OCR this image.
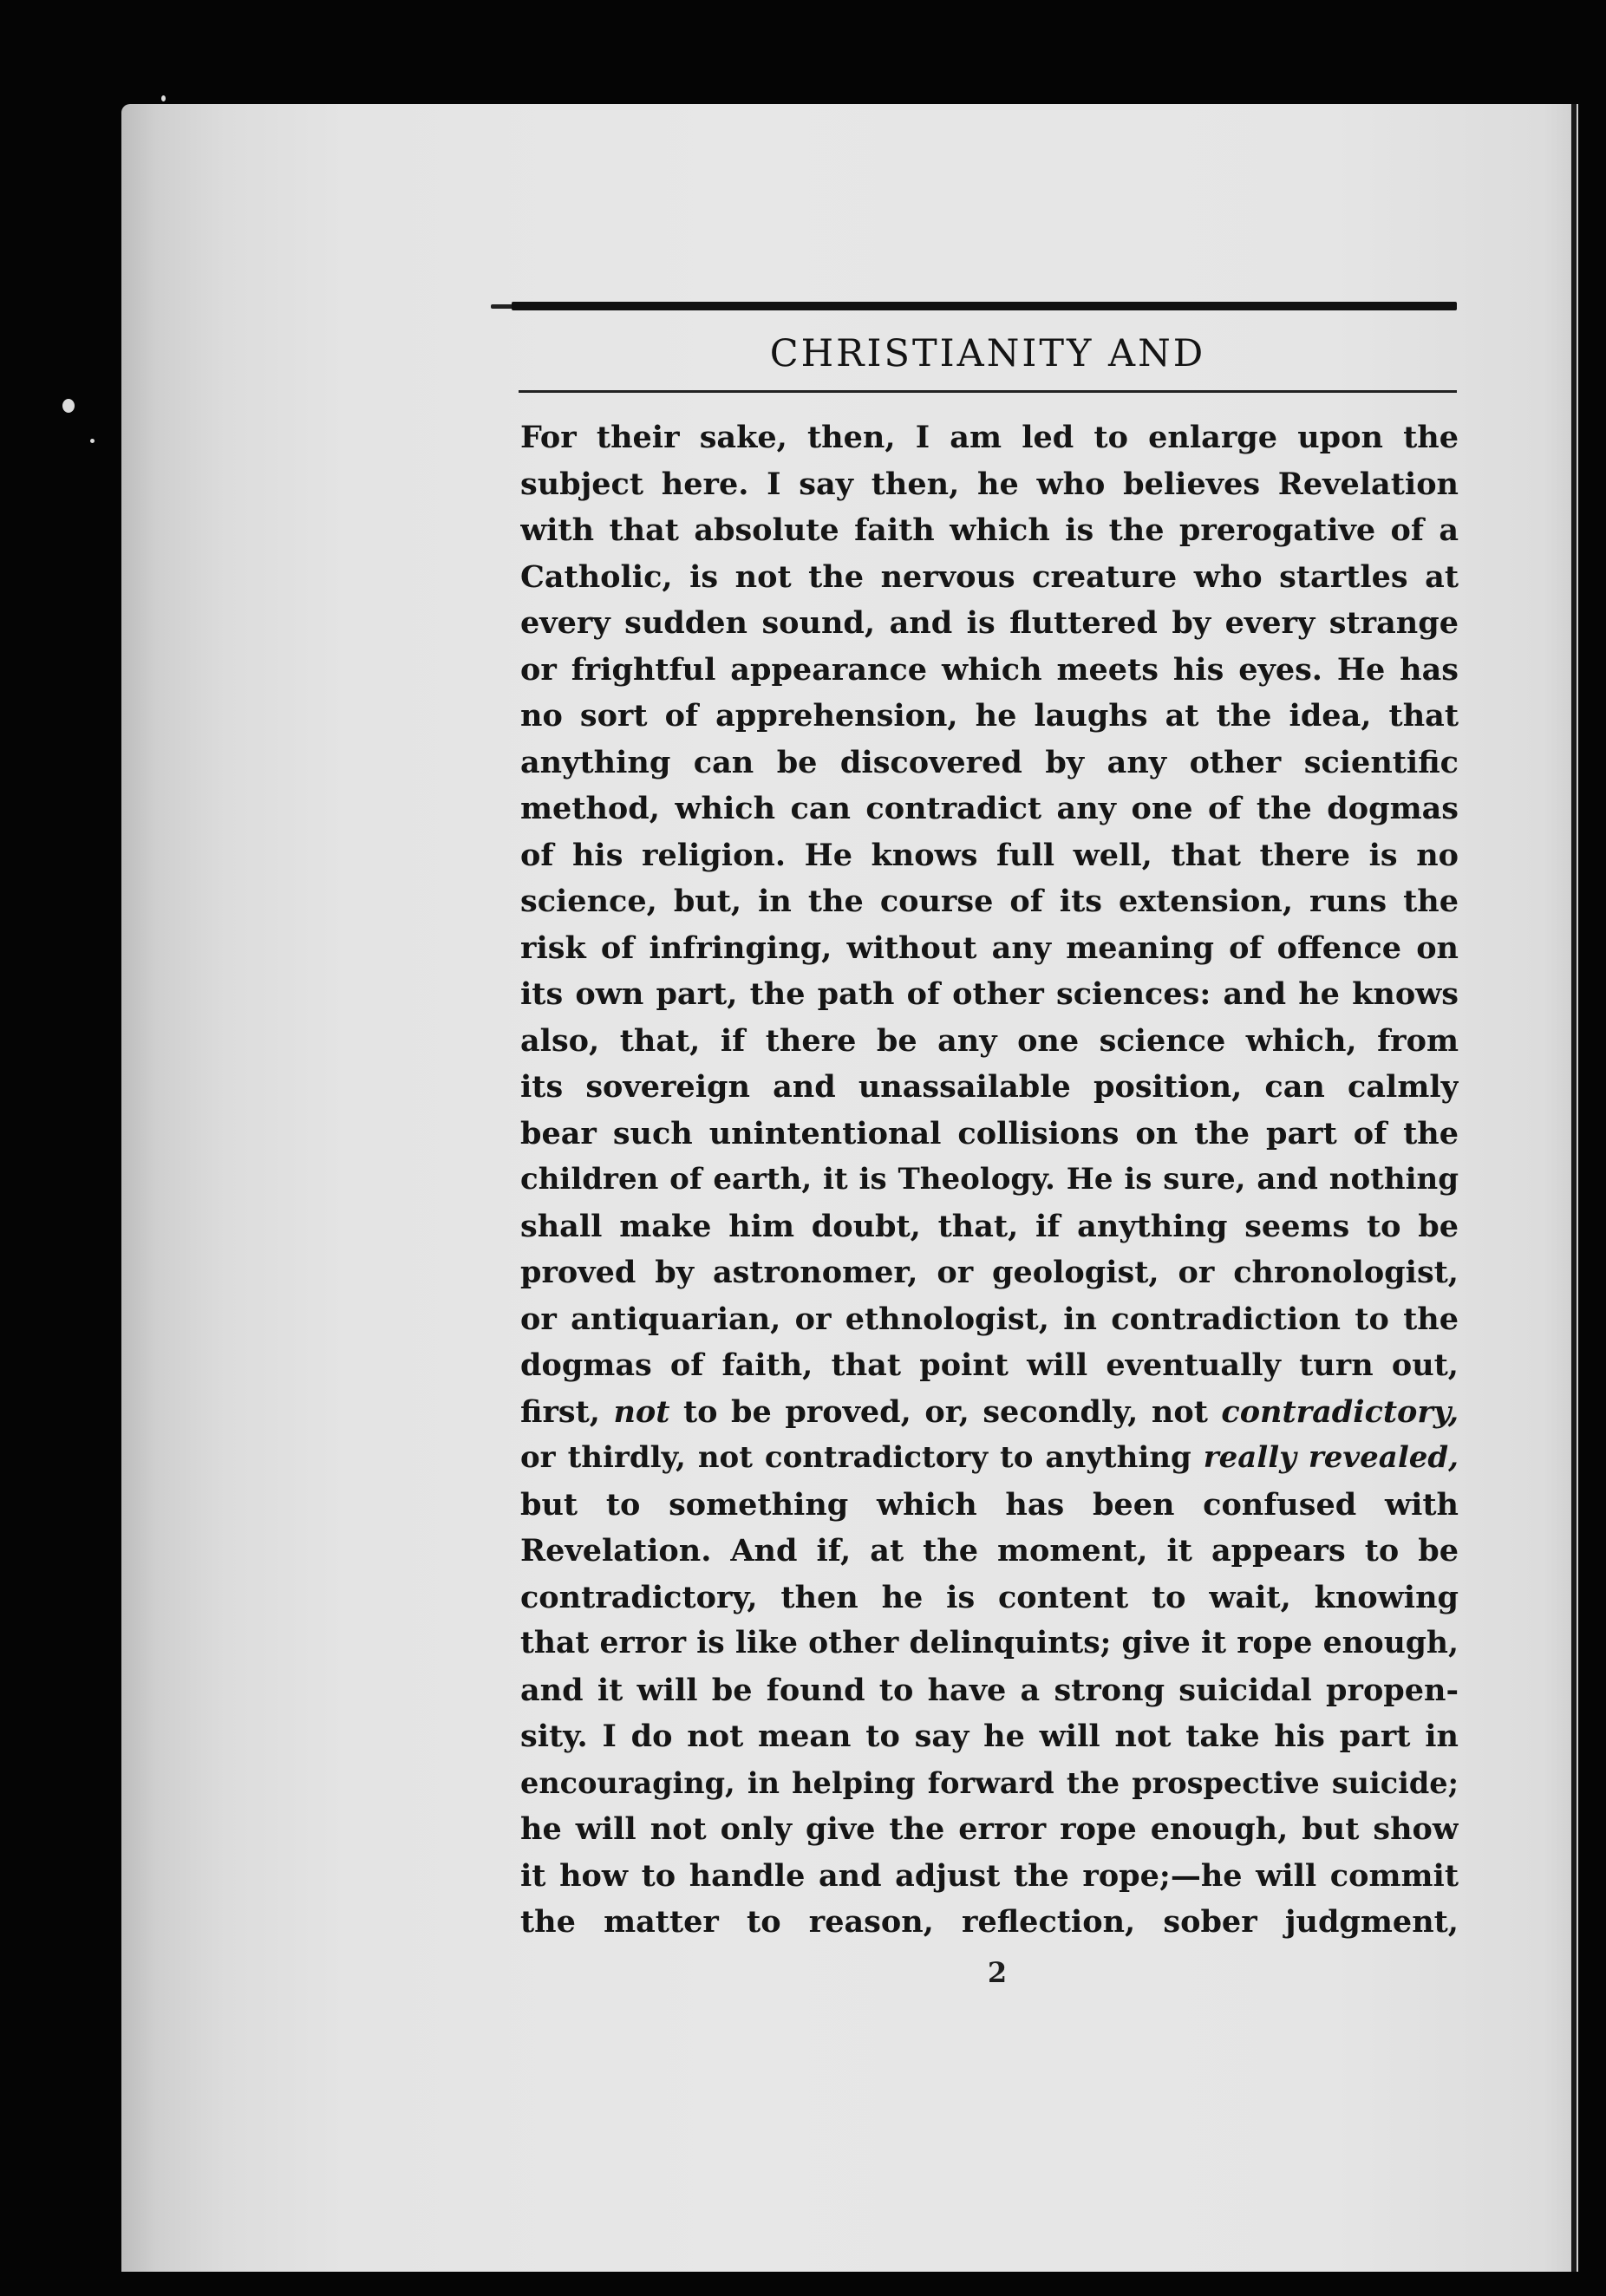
CHRISTIANITY AND
For their sake, then, I am led to enlarge upon the
subject here. I say then, he who believes Revelation
with that absolute faith which is the prerogative of a
Catholic, is not the nervous creature who startles at
every sudden sound, and is fluttered by every strange
or frightful appearance which meets his eyes. He has
no sort of apprehension, he laughs at the idea, that
anything can be discovered by any other scientific
method, which can contradict any one of the dogmas
of his religion. He knows full well, that there is no
science, but, in the course of its extension, runs the
risk of infringing, without any meaning of offence on
its own part, the path of other sciences: and he knows
also, that, if there be any one science which, from
its sovereign and unassailable position, can calmly
bear such unintentional collisions on the part of the
children of earth, it is Theology. He is sure, and nothing
shall make him doubt, that, if anything seems to be
proved by astronomer, or geologist, or chronologist,
or antiquarian, or ethnologist, in contradiction to the
dogmas of faith, that point will eventually turn out,
first, not to be proved, or, secondly, not contradictory,
or thirdly, not contradictory to anything really revealed,
but to something which has been confused with
Revelation. And if, at the moment, it appears to be
contradictory, then he is content to wait, knowing
that error is like other delinquints; give it rope enough,
and it will be found to have a strong suicidal propen-
sity. I do not mean to say he will not take his part in
encouraging, in helping forward the prospective suicide;
he will not only give the error rope enough, but show
it how to handle and adjust the rope;—he will commit
the matter to reason, reflection, sober judgment,
2
